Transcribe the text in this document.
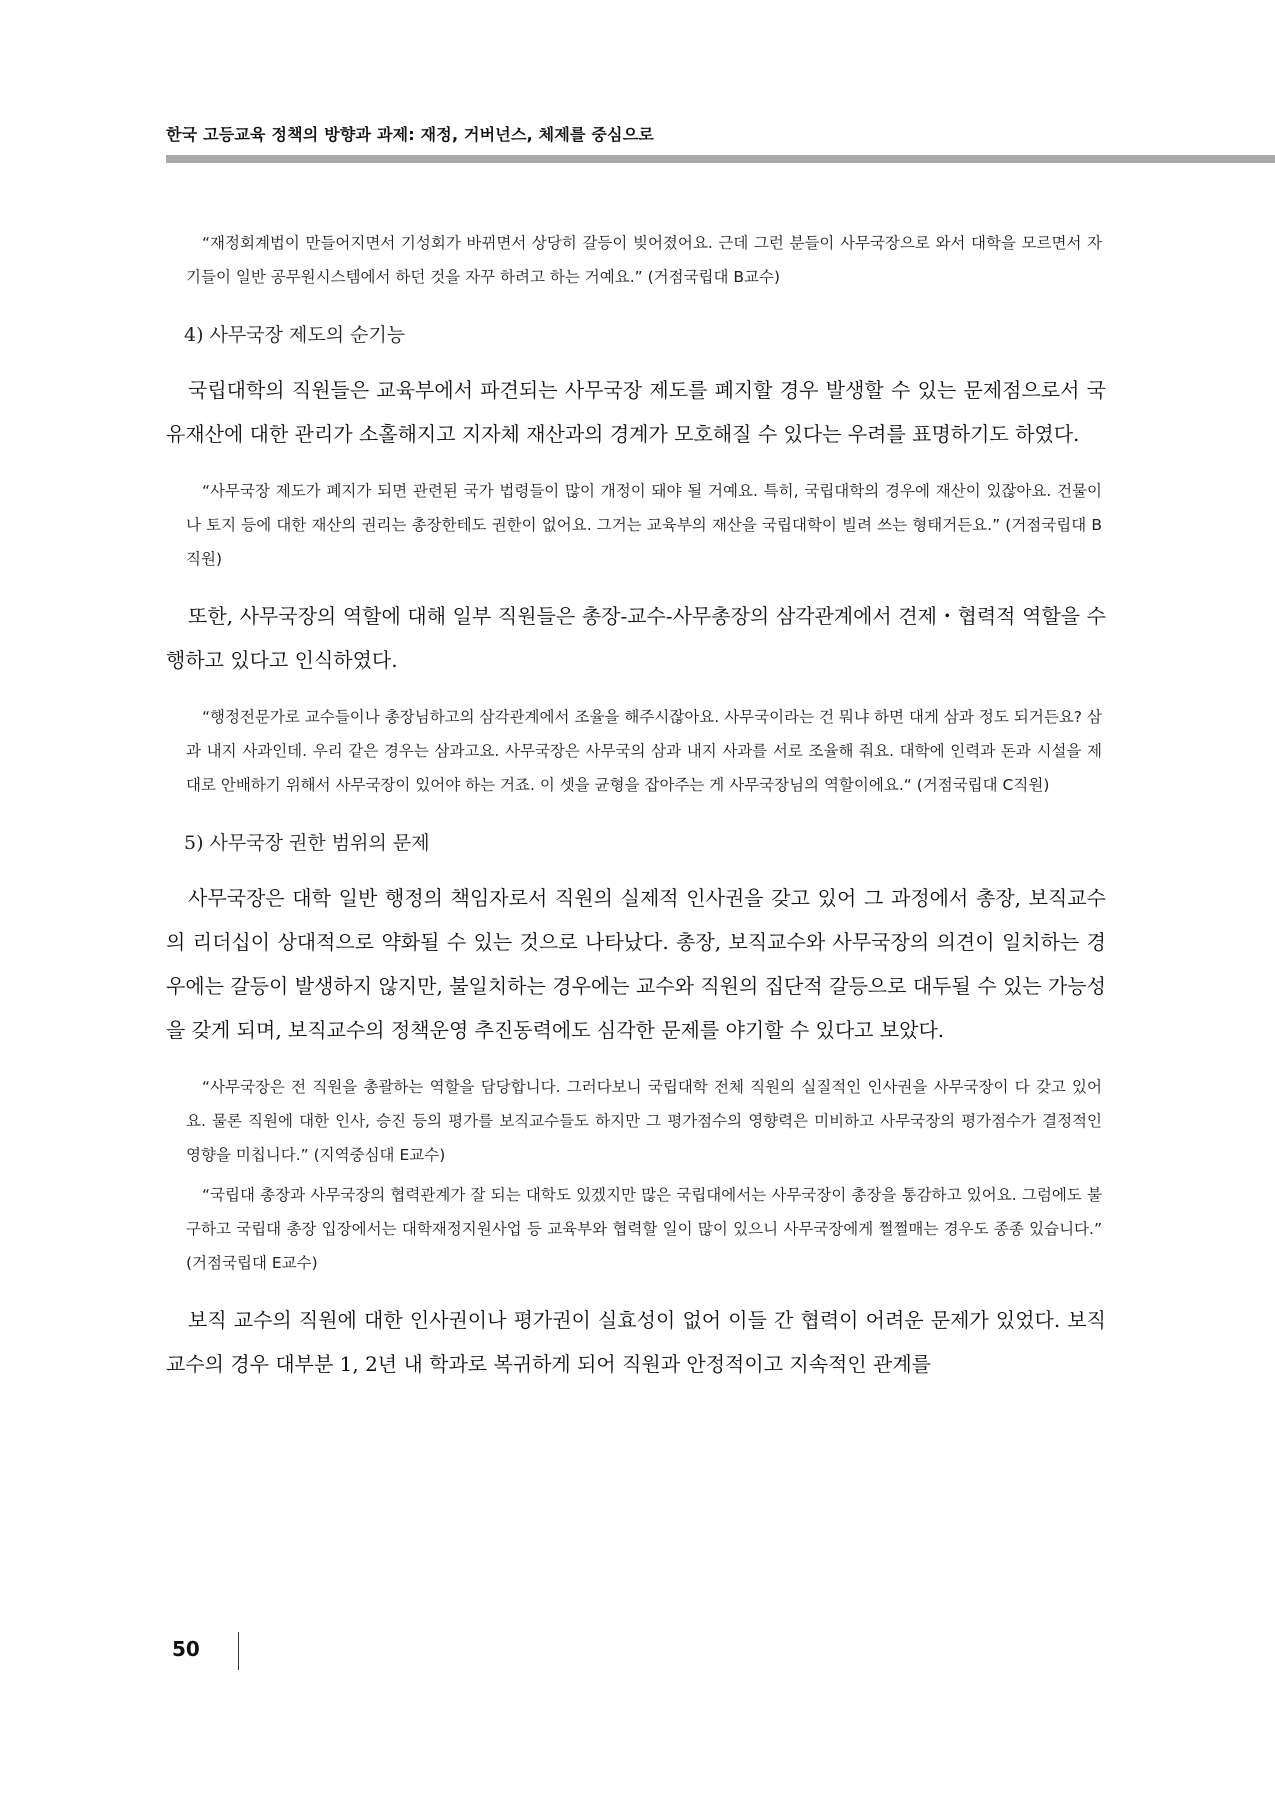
한국 고등교육 정책의 방향과 과제: 재정, 거버넌스, 체제를 중심으로

“재정회계법이 만들어지면서 기성회가 바뀌면서 상당히 갈등이 빚어졌어요. 근데 그런 분들이 사무국장으로 와서 대학을 모르면서 자기들이 일반 공무원시스템에서 하던 것을 자꾸 하려고 하는 거예요.” (거점국립대 B교수)

4) 사무국장 제도의 순기능

국립대학의 직원들은 교육부에서 파견되는 사무국장 제도를 폐지할 경우 발생할 수 있는 문제점으로서 국유재산에 대한 관리가 소홀해지고 지자체 재산과의 경계가 모호해질 수 있다는 우려를 표명하기도 하였다.

“사무국장 제도가 폐지가 되면 관련된 국가 법령들이 많이 개정이 돼야 될 거예요. 특히, 국립대학의 경우에 재산이 있잖아요. 건물이나 토지 등에 대한 재산의 권리는 총장한테도 권한이 없어요. 그거는 교육부의 재산을 국립대학이 빌려 쓰는 형태거든요.” (거점국립대 B직원)

또한, 사무국장의 역할에 대해 일부 직원들은 총장-교수-사무총장의 삼각관계에서 견제・협력적 역할을 수행하고 있다고 인식하였다.

“행정전문가로 교수들이나 총장님하고의 삼각관계에서 조율을 해주시잖아요. 사무국이라는 건 뭐냐 하면 대게 삼과 정도 되거든요? 삼과 내지 사과인데. 우리 같은 경우는 삼과고요. 사무국장은 사무국의 삼과 내지 사과를 서로 조율해 줘요. 대학에 인력과 돈과 시설을 제대로 안배하기 위해서 사무국장이 있어야 하는 거죠. 이 셋을 균형을 잡아주는 게 사무국장님의 역할이에요.“ (거점국립대 C직원)

5) 사무국장 권한 범위의 문제

사무국장은 대학 일반 행정의 책임자로서 직원의 실제적 인사권을 갖고 있어 그 과정에서 총장, 보직교수의 리더십이 상대적으로 약화될 수 있는 것으로 나타났다. 총장, 보직교수와 사무국장의 의견이 일치하는 경우에는 갈등이 발생하지 않지만, 불일치하는 경우에는 교수와 직원의 집단적 갈등으로 대두될 수 있는 가능성을 갖게 되며, 보직교수의 정책운영 추진동력에도 심각한 문제를 야기할 수 있다고 보았다.

“사무국장은 전 직원을 총괄하는 역할을 담당합니다. 그러다보니 국립대학 전체 직원의 실질적인 인사권을 사무국장이 다 갖고 있어요. 물론 직원에 대한 인사, 승진 등의 평가를 보직교수들도 하지만 그 평가점수의 영향력은 미비하고 사무국장의 평가점수가 결정적인 영향을 미칩니다.” (지역중심대 E교수)

“국립대 총장과 사무국장의 협력관계가 잘 되는 대학도 있겠지만 많은 국립대에서는 사무국장이 총장을 통감하고 있어요. 그럼에도 불구하고 국립대 총장 입장에서는 대학재정지원사업 등 교육부와 협력할 일이 많이 있으니 사무국장에게 쩔쩔매는 경우도 종종 있습니다.” (거점국립대 E교수)

보직 교수의 직원에 대한 인사권이나 평가권이 실효성이 없어 이들 간 협력이 어려운 문제가 있었다. 보직 교수의 경우 대부분 1, 2년 내 학과로 복귀하게 되어 직원과 안정적이고 지속적인 관계를

50
